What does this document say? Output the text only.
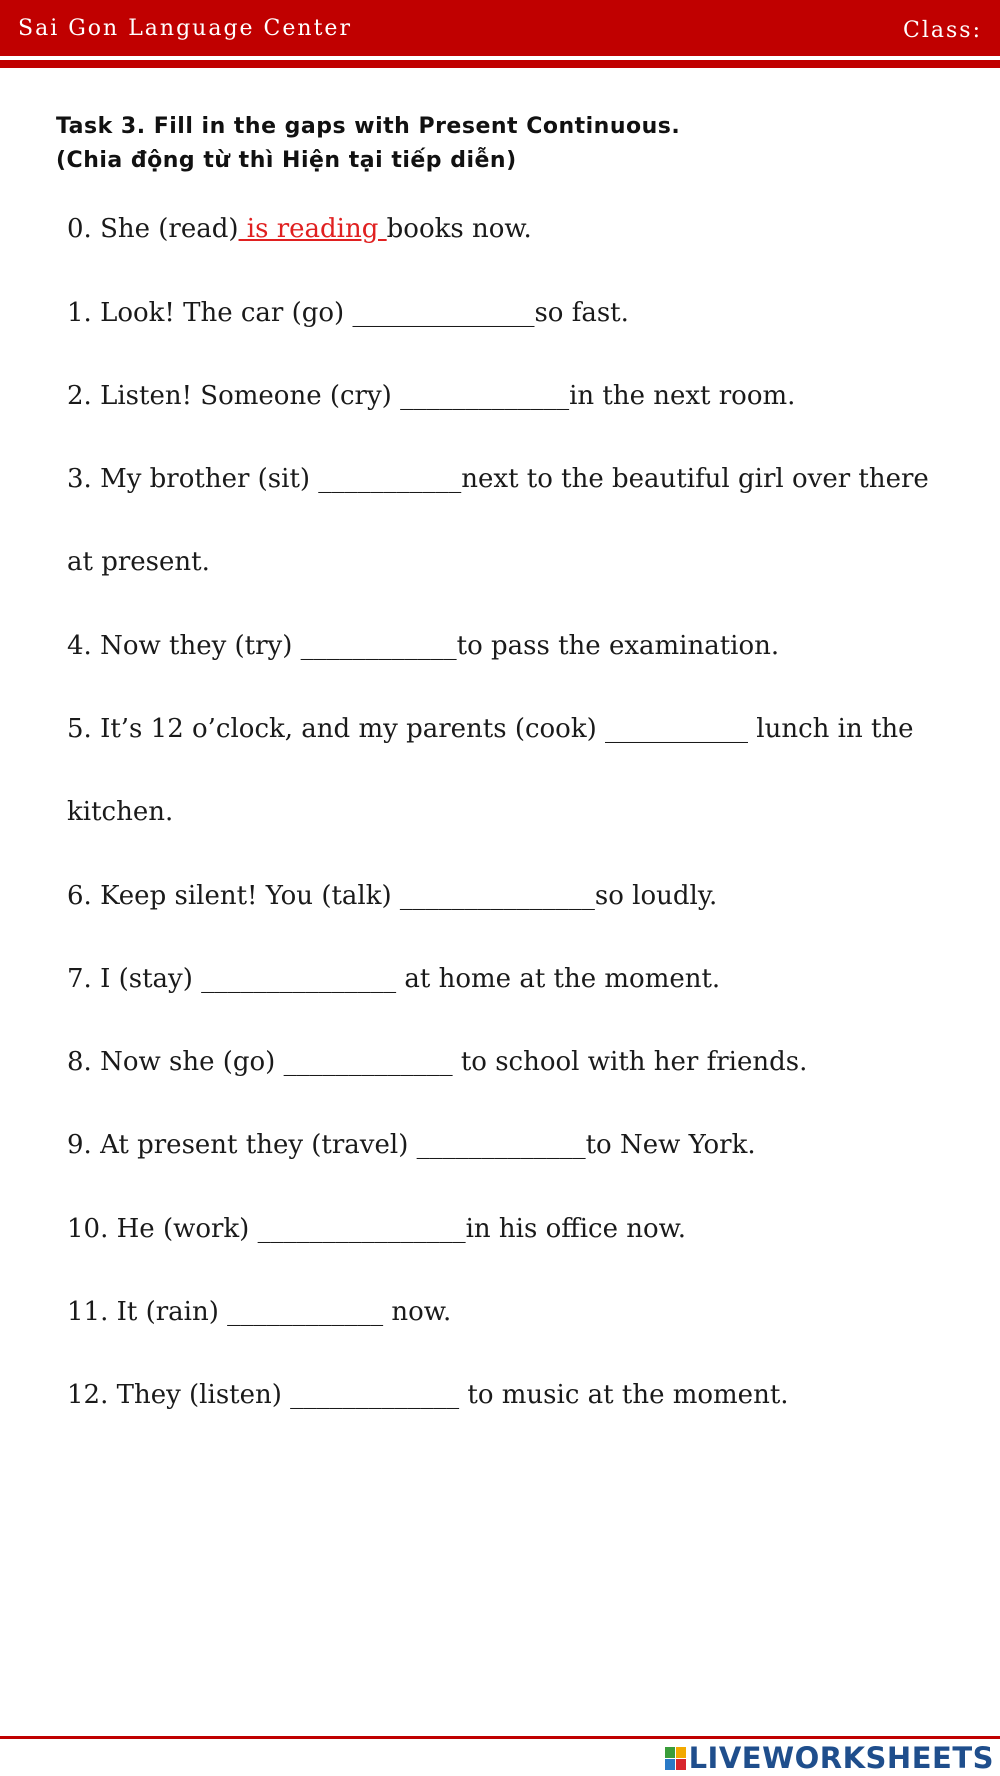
Sai Gon Language Center	Class:
Task 3. Fill in the gaps with Present Continuous.
(Chia động từ thì Hiện tại tiếp diễn)
0. She (read) is reading books now.
1. Look! The car (go) ______________so fast.
2. Listen! Someone (cry) _____________in the next room.
3. My brother (sit) ___________next to the beautiful girl over there
at present.
4. Now they (try) ____________to pass the examination.
5. It’s 12 o’clock, and my parents (cook) ___________ lunch in the
kitchen.
6. Keep silent! You (talk) _______________so loudly.
7. I (stay) _______________ at home at the moment.
8. Now she (go) _____________ to school with her friends.
9. At present they (travel) _____________to New York.
10. He (work) ________________in his office now.
11. It (rain) ____________ now.
12. They (listen) _____________ to music at the moment.
LIVEWORKSHEETS
